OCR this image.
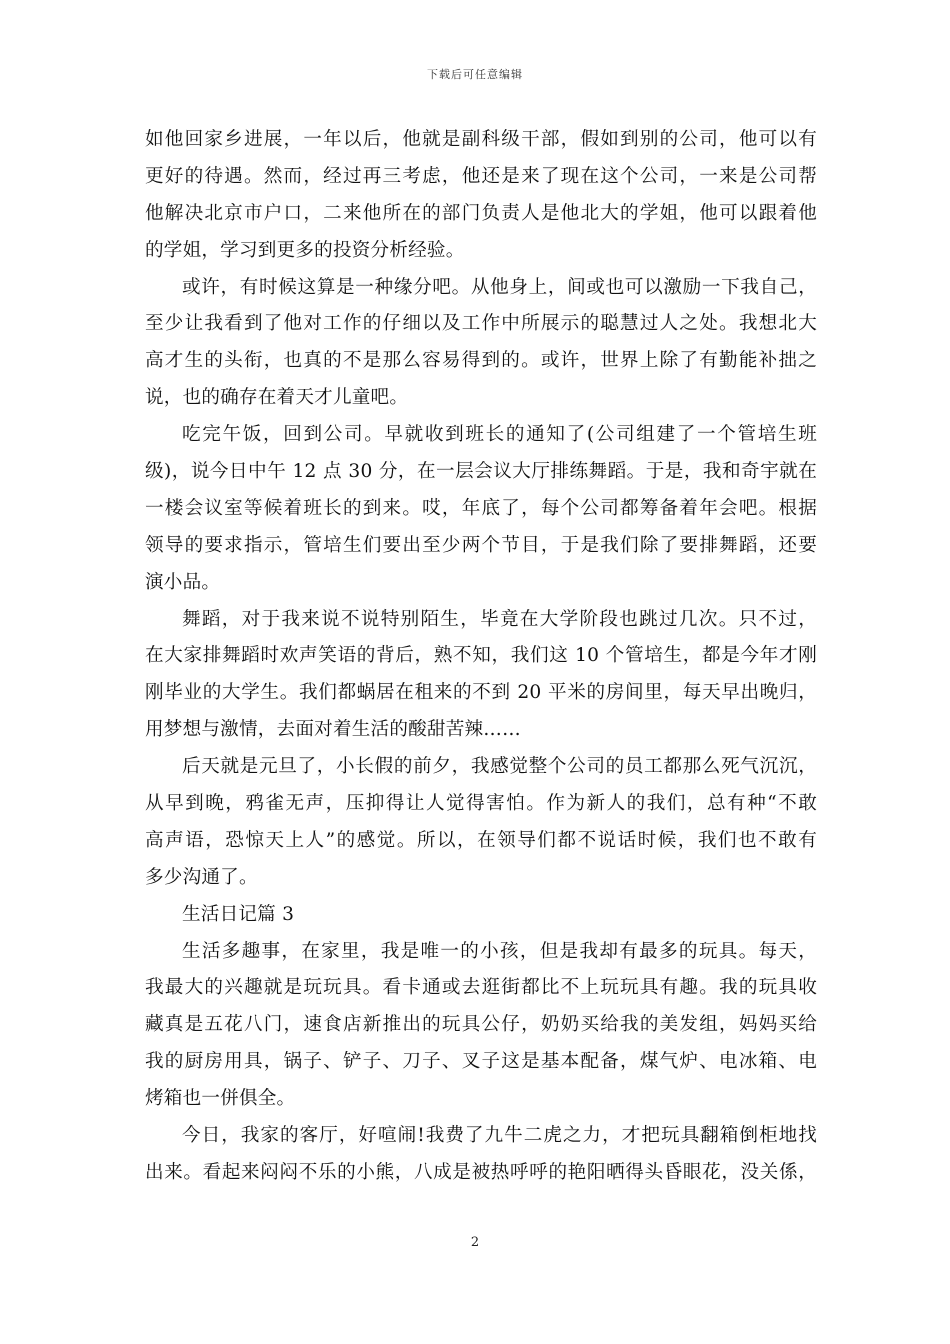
下载后可任意编辑
如他回家乡进展，一年以后，他就是副科级干部，假如到别的公司，他可以有
更好的待遇。然而，经过再三考虑，他还是来了现在这个公司，一来是公司帮
他解决北京市户口，二来他所在的部门负责人是他北大的学姐，他可以跟着他
的学姐，学习到更多的投资分析经验。
或许，有时候这算是一种缘分吧。从他身上，间或也可以激励一下我自己，
至少让我看到了他对工作的仔细以及工作中所展示的聪慧过人之处。我想北大
高才生的头衔，也真的不是那么容易得到的。或许，世界上除了有勤能补拙之
说，也的确存在着天才儿童吧。
吃完午饭，回到公司。早就收到班长的通知了(公司组建了一个管培生班
级)，说今日中午 12 点 30 分，在一层会议大厅排练舞蹈。于是，我和奇宇就在
一楼会议室等候着班长的到来。哎，年底了，每个公司都筹备着年会吧。根据
领导的要求指示，管培生们要出至少两个节目，于是我们除了要排舞蹈，还要
演小品。
舞蹈，对于我来说不说特别陌生，毕竟在大学阶段也跳过几次。只不过，
在大家排舞蹈时欢声笑语的背后，熟不知，我们这 10 个管培生，都是今年才刚
刚毕业的大学生。我们都蜗居在租来的不到 20 平米的房间里，每天早出晚归，
用梦想与激情，去面对着生活的酸甜苦辣……
后天就是元旦了，小长假的前夕，我感觉整个公司的员工都那么死气沉沉，
从早到晚，鸦雀无声，压抑得让人觉得害怕。作为新人的我们，总有种“不敢
高声语，恐惊天上人”的感觉。所以，在领导们都不说话时候，我们也不敢有
多少沟通了。
生活日记篇 3
生活多趣事，在家里，我是唯一的小孩，但是我却有最多的玩具。每天，
我最大的兴趣就是玩玩具。看卡通或去逛街都比不上玩玩具有趣。我的玩具收
藏真是五花八门，速食店新推出的玩具公仔，奶奶买给我的美发组，妈妈买给
我的厨房用具，锅子、铲子、刀子、叉子这是基本配备，煤气炉、电冰箱、电
烤箱也一併俱全。
今日，我家的客厅，好喧闹!我费了九牛二虎之力，才把玩具翻箱倒柜地找
出来。看起来闷闷不乐的小熊，八成是被热呼呼的艳阳晒得头昏眼花，没关係，
2
